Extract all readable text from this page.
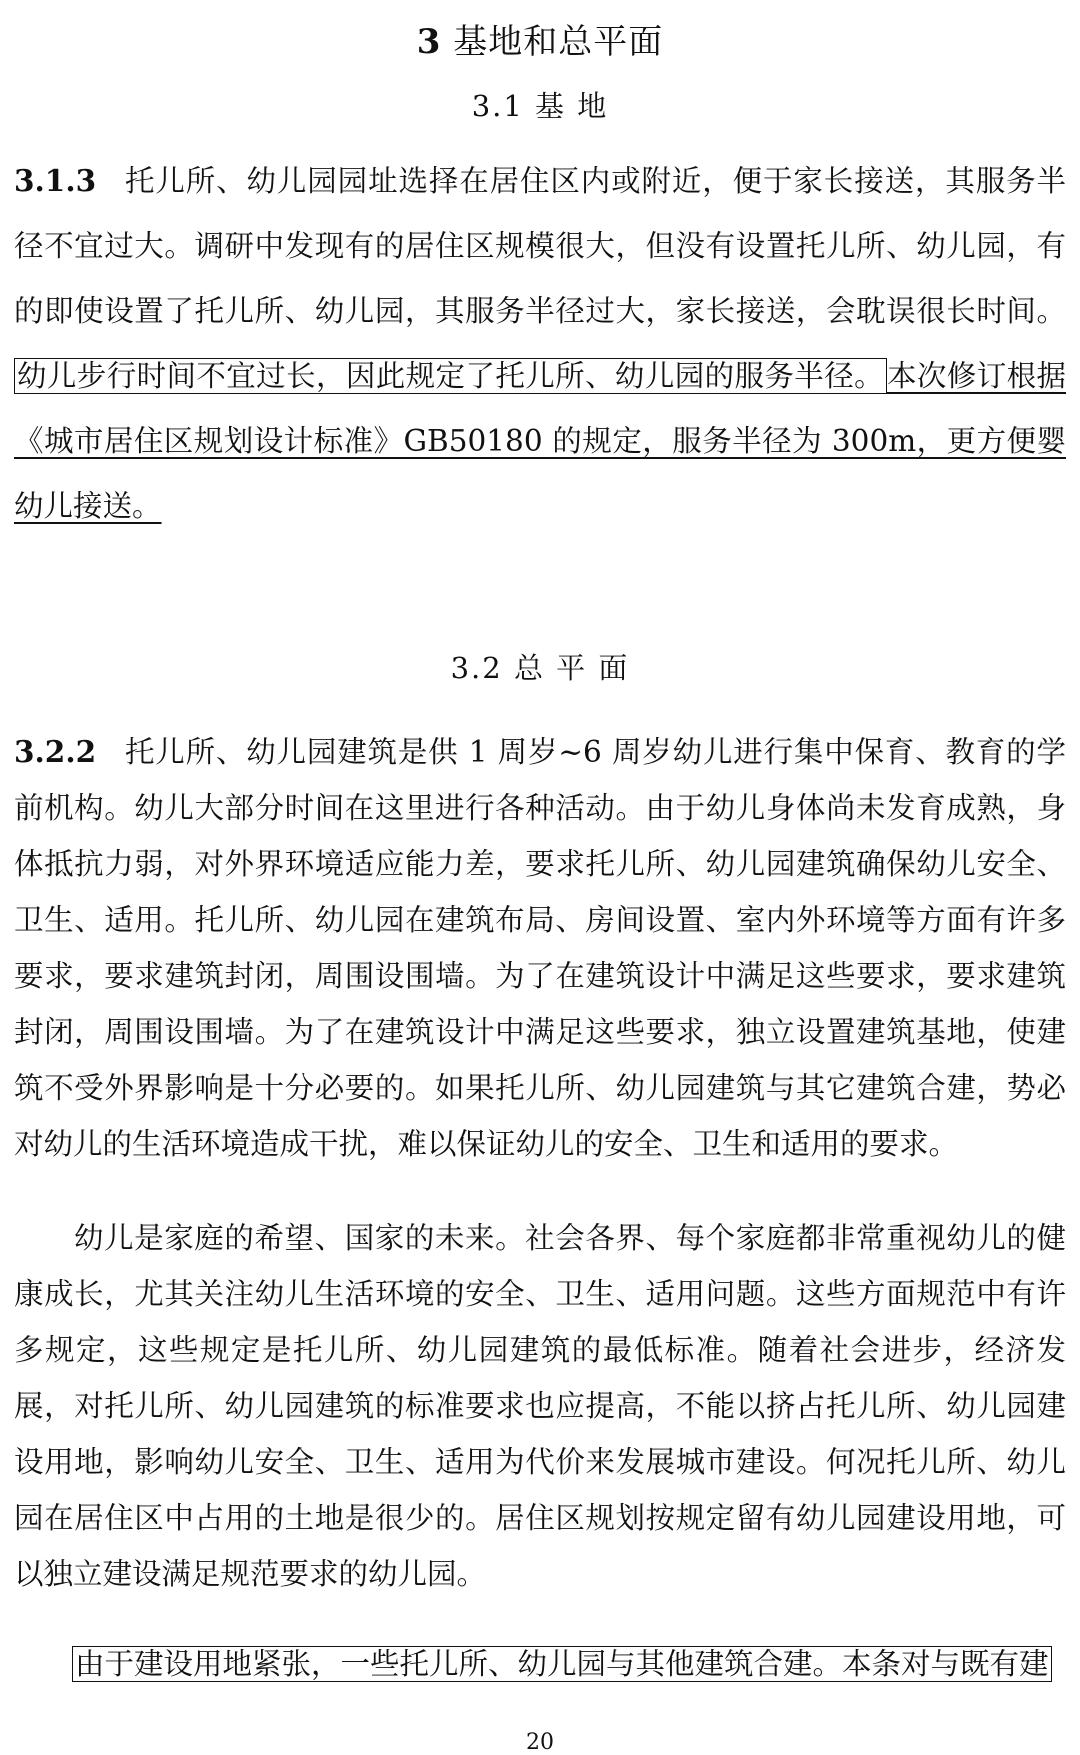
3 基地和总平面
3.1 基 地
3.1.3 托儿所、幼儿园园址选择在居住区内或附近，便于家长接送，其服务半径不宜过大。调研中发现有的居住区规模很大，但没有设置托儿所、幼儿园，有的即使设置了托儿所、幼儿园，其服务半径过大，家长接送，会耽误很长时间。幼儿步行时间不宜过长，因此规定了托儿所、幼儿园的服务半径。 本次修订根据《城市居住区规划设计标准》GB50180 的规定，服务半径为 300m，更方便婴幼儿接送。
3.2 总 平 面
3.2.2 托儿所、幼儿园建筑是供 1 周岁~6 周岁幼儿进行集中保育、教育的学前机构。幼儿大部分时间在这里进行各种活动。由于幼儿身体尚未发育成熟，身体抵抗力弱，对外界环境适应能力差，要求托儿所、幼儿园建筑确保幼儿安全、卫生、适用。托儿所、幼儿园在建筑布局、房间设置、室内外环境等方面有许多要求，要求建筑封闭，周围设围墙。为了在建筑设计中满足这些要求，要求建筑封闭，周围设围墙。为了在建筑设计中满足这些要求，独立设置建筑基地，使建筑不受外界影响是十分必要的。如果托儿所、幼儿园建筑与其它建筑合建，势必对幼儿的生活环境造成干扰，难以保证幼儿的安全、卫生和适用的要求。
幼儿是家庭的希望、国家的未来。社会各界、每个家庭都非常重视幼儿的健康成长，尤其关注幼儿生活环境的安全、卫生、适用问题。这些方面规范中有许多规定，这些规定是托儿所、幼儿园建筑的最低标准。随着社会进步，经济发展，对托儿所、幼儿园建筑的标准要求也应提高，不能以挤占托儿所、幼儿园建设用地，影响幼儿安全、卫生、适用为代价来发展城市建设。何况托儿所、幼儿园在居住区中占用的土地是很少的。居住区规划按规定留有幼儿园建设用地，可以独立建设满足规范要求的幼儿园。
由于建设用地紧张，一些托儿所、幼儿园与其他建筑合建。本条对与既有建
20
